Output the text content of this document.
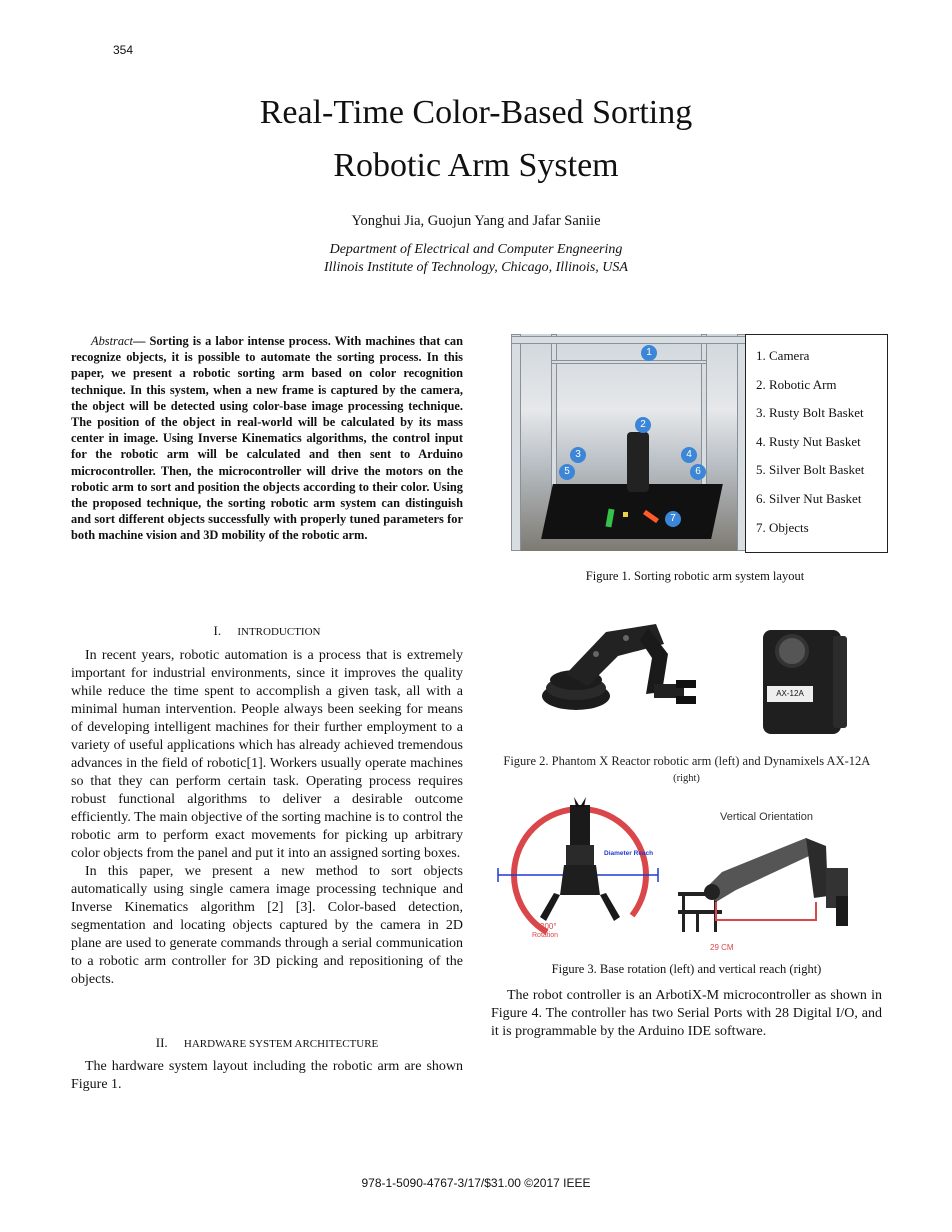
354
Real-Time Color-Based Sorting
Robotic Arm System
Yonghui Jia, Guojun Yang and Jafar Saniie
Department of Electrical and Computer Engneering
Illinois Institute of Technology, Chicago, Illinois, USA
Abstract— Sorting is a labor intense process. With machines that can recognize objects, it is possible to automate the sorting process. In this paper, we present a robotic sorting arm based on color recognition technique. In this system, when a new frame is captured by the camera, the object will be detected using color-base image processing technique. The position of the object in real-world will be calculated by its mass center in image. Using Inverse Kinematics algorithms, the control input for the robotic arm will be calculated and then sent to Arduino microcontroller. Then, the microcontroller will drive the motors on the robotic arm to sort and position the objects according to their color. Using the proposed technique, the sorting robotic arm system can distinguish and sort different objects successfully with properly tuned parameters for both machine vision and 3D mobility of the robotic arm.
I. INTRODUCTION

In recent years, robotic automation is a process that is extremely important for industrial environments, since it improves the quality while reduce the time spent to accomplish a given task, all with a minimal human intervention. People always been seeking for means of developing intelligent machines for their further employment to a variety of useful applications which has already achieved tremendous advances in the field of robotic[1]. Workers usually operate machines so that they can perform certain task. Operating process requires robust functional algorithms to deliver a desirable outcome efficiently. The main objective of the sorting machine is to control the robotic arm to perform exact movements for picking up arbitrary color objects from the panel and put it into an assigned sorting boxes.

In this paper, we present a new method to sort objects automatically using single camera image processing technique and Inverse Kinematics algorithm [2] [3]. Color-based detection, segmentation and locating objects captured by the camera in 2D plane are used to generate commands through a serial communication to a robotic arm controller for 3D picking and repositioning of the objects.

II. HARDWARE SYSTEM ARCHITECTURE

The hardware system layout including the robotic arm are shown Figure 1.

1
2
3	4
5	6
7
1. Camera
2. Robotic Arm
3. Rusty Bolt Basket
4. Rusty Nut Basket
5. Silver Bolt Basket
6. Silver Nut Basket
7. Objects
Figure 1. Sorting robotic arm system layout
AX-12A
Figure 2. Phantom X Reactor robotic arm (left) and Dynamixels AX-12A (right)
Diameter Reach
300°
Rotation
Vertical Orientation
29 CM
Figure 3. Base rotation (left) and vertical reach (right)
The robot controller is an ArbotiX-M microcontroller as shown in Figure 4. The controller has two Serial Ports with 28 Digital I/O, and it is programmable by the Arduino IDE software.
978-1-5090-4767-3/17/$31.00 ©2017 IEEE
